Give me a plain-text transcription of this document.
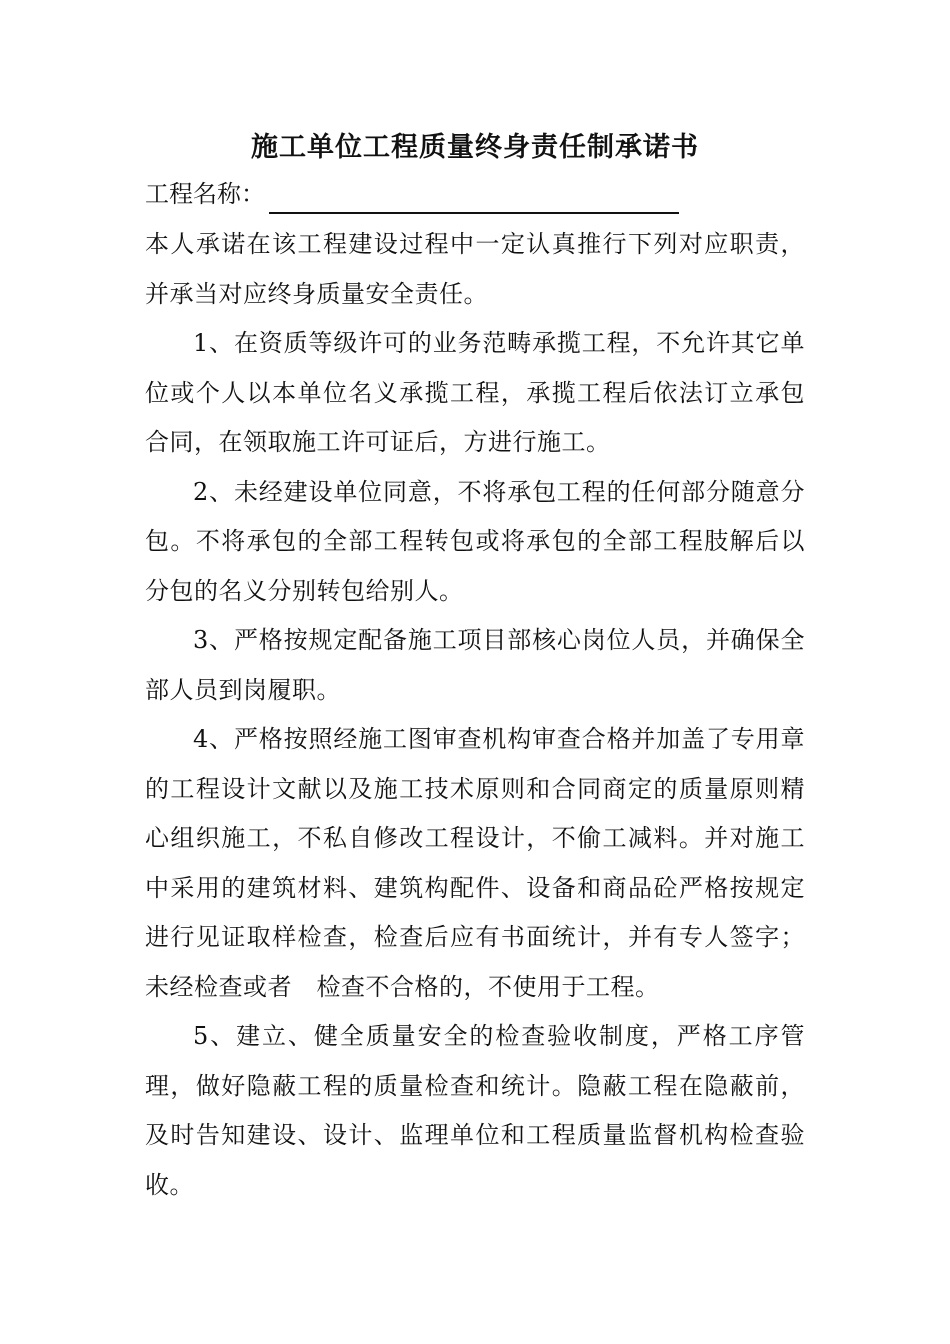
施工单位工程质量终身责任制承诺书
工程名称：

本人承诺在该工程建设过程中一定认真推行下列对应职责，并承当对应终身质量安全责任。

1、在资质等级许可的业务范畴承揽工程，不允许其它单位或个人以本单位名义承揽工程，承揽工程后依法订立承包合同，在领取施工许可证后，方进行施工。

2、未经建设单位同意，不将承包工程的任何部分随意分包。不将承包的全部工程转包或将承包的全部工程肢解后以分包的名义分别转包给别人。

3、严格按规定配备施工项目部核心岗位人员，并确保全部人员到岗履职。

4、严格按照经施工图审查机构审查合格并加盖了专用章的工程设计文献以及施工技术原则和合同商定的质量原则精心组织施工，不私自修改工程设计，不偷工减料。并对施工中采用的建筑材料、建筑构配件、设备和商品砼严格按规定进行见证取样检查，检查后应有书面统计，并有专人签字；未经检查或者　检查不合格的，不使用于工程。

5、建立、健全质量安全的检查验收制度，严格工序管理，做好隐蔽工程的质量检查和统计。隐蔽工程在隐蔽前，及时告知建设、设计、监理单位和工程质量监督机构检查验收。
